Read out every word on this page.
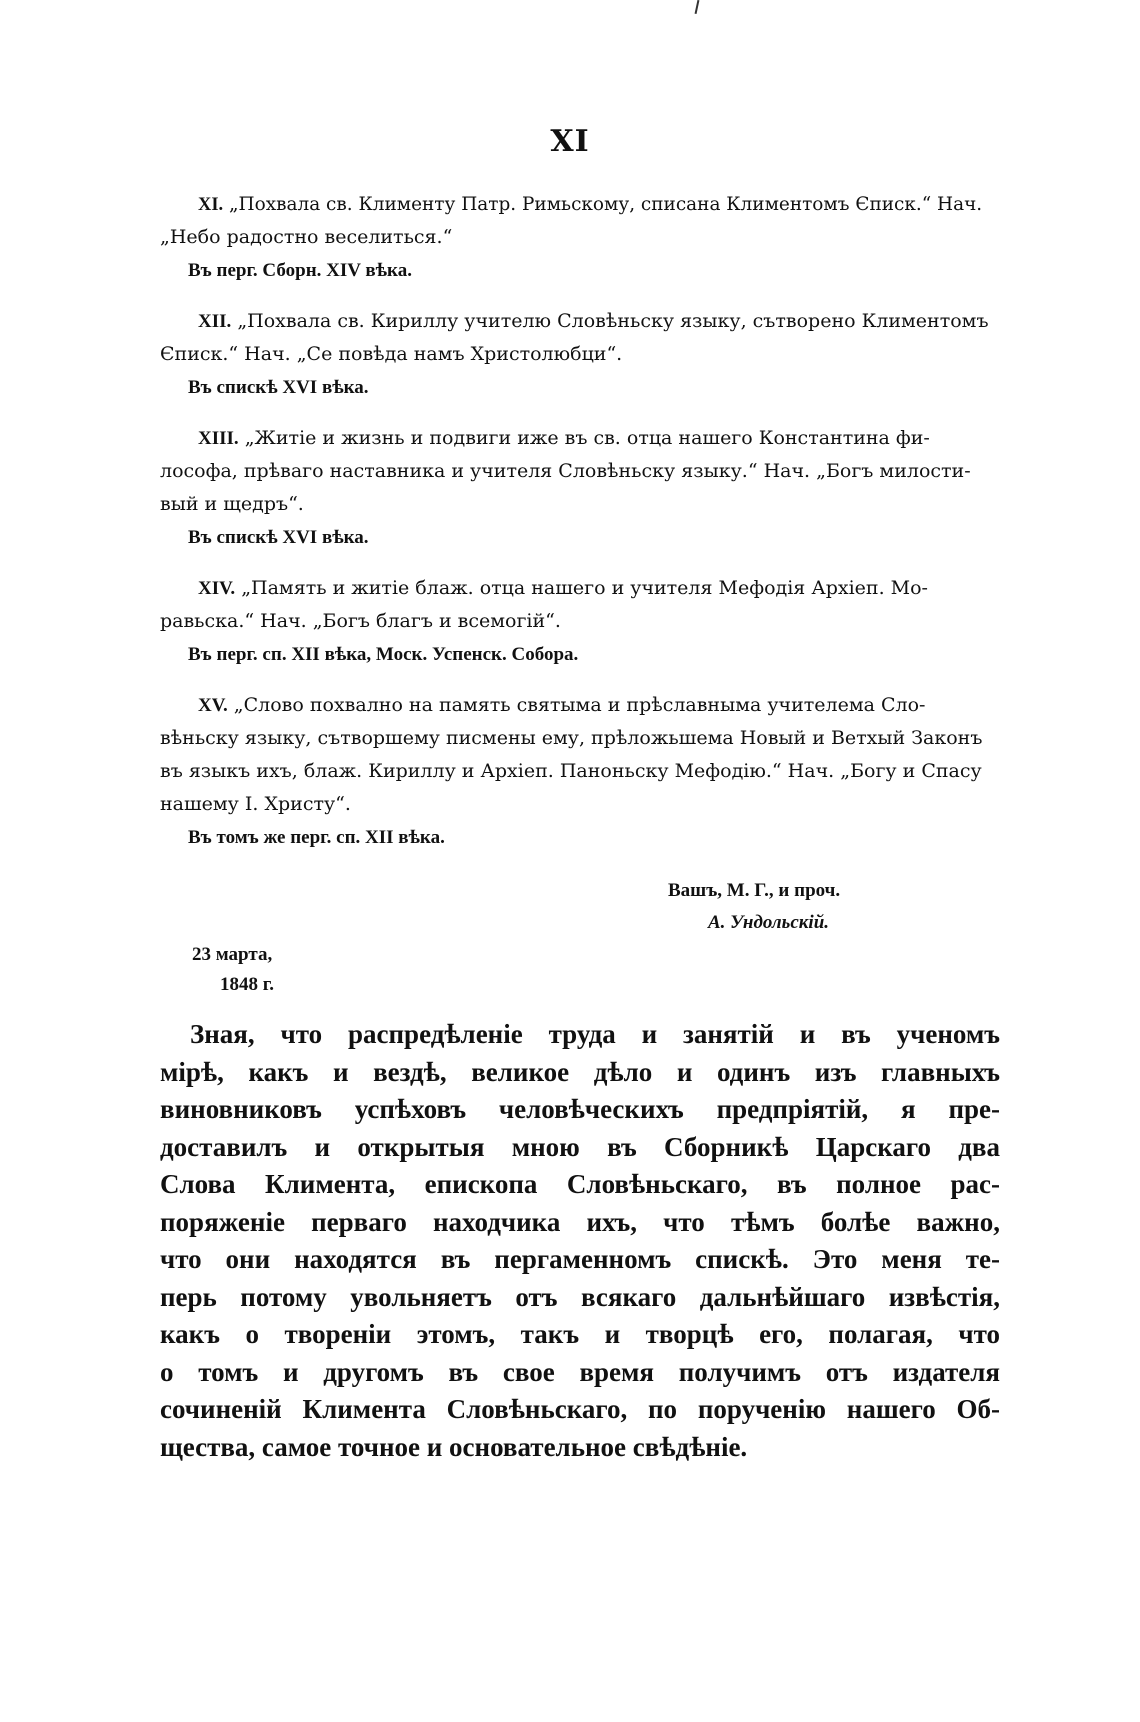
XI
XI. „Похвала св. Клименту Патр. Римьскому, списана Климентомъ Єписк.“ Нач.
„Небо радостно веселиться.“
Въ перг. Сборн. XIV вѣка.
XII. „Похвала св. Кириллу учителю Словѣньску языку, сътворено Климентомъ
Єписк.“ Нач. „Се повѣда намъ Христолюбци“.
Въ спискѣ XVI вѣка.
XIII. „Житіе и жизнь и подвиги иже въ св. отца нашего Константина фи-
лософа, прѣваго наставника и учителя Словѣньску языку.“ Нач. „Богъ милости-
вый и щедръ“.
Въ спискѣ XVI вѣка.
XIV. „Память и житіе блаж. отца нашего и учителя Мефодія Архіеп. Мо-
равьска.“ Нач. „Богъ благъ и всемогій“.
Въ перг. сп. XII вѣка, Моск. Успенск. Собора.
XV. „Слово похвално на память святыма и прѣславныма учителема Сло-
вѣньску языку, сътворшему писмены ему, прѣложьшема Новый и Ветхый Законъ
въ языкъ ихъ, блаж. Кириллу и Архіеп. Паноньску Мефодію.“ Нач. „Богу и Спасу
нашему І. Христу“.
Въ томъ же перг. сп. XII вѣка.
Вашъ, М. Г., и проч.
А. Ундольскій.
23 марта,
1848 г.
Зная, что распредѣленіе труда и занятій и въ ученомъ
мірѣ, какъ и вездѣ, великое дѣло и одинъ изъ главныхъ
виновниковъ успѣховъ человѣческихъ предпріятій, я пре-
доставилъ и открытыя мною въ Сборникѣ Царскаго два
Слова Климента, епископа Словѣньскаго, въ полное рас-
поряженіе перваго находчика ихъ, что тѣмъ болѣе важно,
что они находятся въ пергаменномъ спискѣ. Это меня те-
перь потому увольняетъ отъ всякаго дальнѣйшаго извѣстія,
какъ о твореніи этомъ, такъ и творцѣ его, полагая, что
о томъ и другомъ въ свое время получимъ отъ издателя
сочиненій Климента Словѣньскаго, по порученію нашего Об-
щества, самое точное и основательное свѣдѣніе.
